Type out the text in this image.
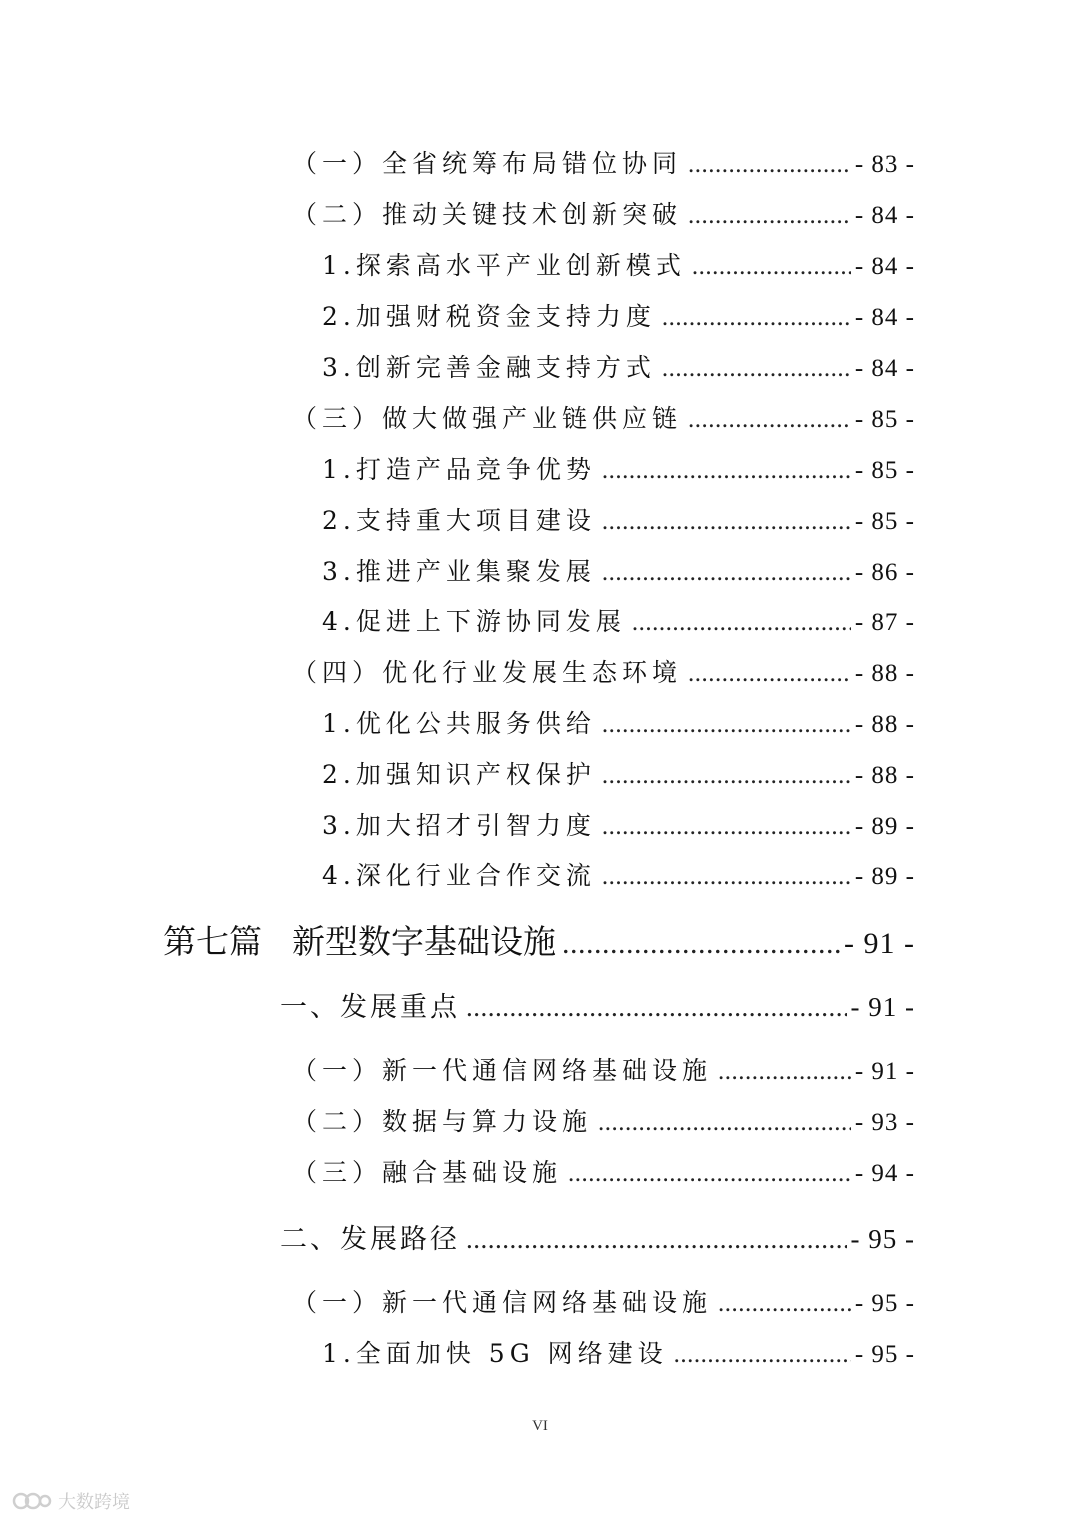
（一）全省统筹布局错位协同 .....	- 83 -
（二）推动关键技术创新突破 .....	- 84 -
1.探索高水平产业创新模式 .....	- 84 -
2.加强财税资金支持力度 .....	- 84 -
3.创新完善金融支持方式 .....	- 84 -
（三）做大做强产业链供应链 .....	- 85 -
1.打造产品竞争优势 .....	- 85 -
2.支持重大项目建设 .....	- 85 -
3.推进产业集聚发展 .....	- 86 -
4.促进上下游协同发展 .....	- 87 -
（四）优化行业发展生态环境 .....	- 88 -
1.优化公共服务供给 .....	- 88 -
2.加强知识产权保护 .....	- 88 -
3.加大招才引智力度 .....	- 89 -
4.深化行业合作交流 .....	- 89 -
第七篇 新型数字基础设施 .....	- 91 -
一、发展重点 .....	- 91 -
（一）新一代通信网络基础设施 .....	- 91 -
（二）数据与算力设施 .....	- 93 -
（三）融合基础设施 .....	- 94 -
二、发展路径 .....	- 95 -
（一）新一代通信网络基础设施 .....	- 95 -
1.全面加快 5G 网络建设 .....	- 95 -
VI
大数跨境
